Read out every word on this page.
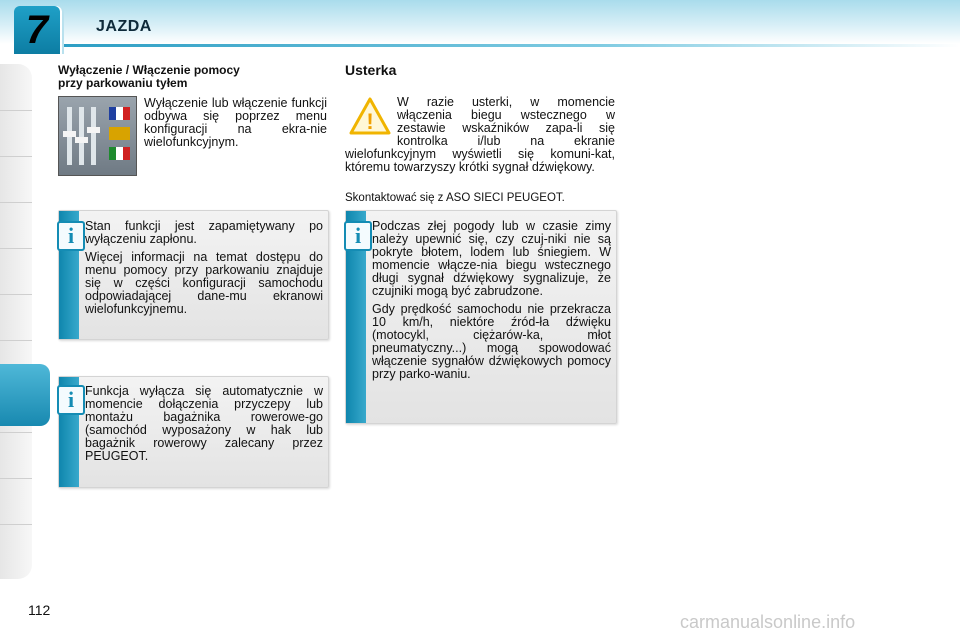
7	JAZDA
Wyłączenie / Włączenie pomocy
przy parkowaniu tyłem
Wyłączenie lub włączenie funkcji odbywa się poprzez menu konfiguracji na ekra-nie wielofunkcyjnym.
i Stan funkcji jest zapamiętywany po wyłączeniu zapłonu.

Więcej informacji na temat dostępu do menu pomocy przy parkowaniu znajduje się w części konfiguracji samochodu odpowiadającej dane-mu ekranowi wielofunkcyjnemu.

i Funkcja wyłącza się automatycznie w momencie dołączenia przyczepy lub montażu bagażnika rowerowe-go (samochód wyposażony w hak lub bagażnik rowerowy zalecany przez PEUGEOT.

Usterka
!
W razie usterki, w momencie włączenia biegu wstecznego w zestawie wskaźników zapa-li się kontrolka i/lub na ekranie wielofunkcyjnym wyświetli się komuni-kat, któremu towarzyszy krótki sygnał dźwiękowy.
Skontaktować się z ASO SIECI PEUGEOT.
i Podczas złej pogody lub w czasie zimy należy upewnić się, czy czuj-niki nie są pokryte błotem, lodem lub śniegiem. W momencie włącze-nia biegu wstecznego długi sygnał dźwiękowy sygnalizuje, że czujniki mogą być zabrudzone.

Gdy prędkość samochodu nie przekracza 10 km/h, niektóre źród-ła dźwięku (motocykl, ciężarów-ka, młot pneumatyczny...) mogą spowodować włączenie sygnałów dźwiękowych pomocy przy parko-waniu.

112
carmanualsonline.info
